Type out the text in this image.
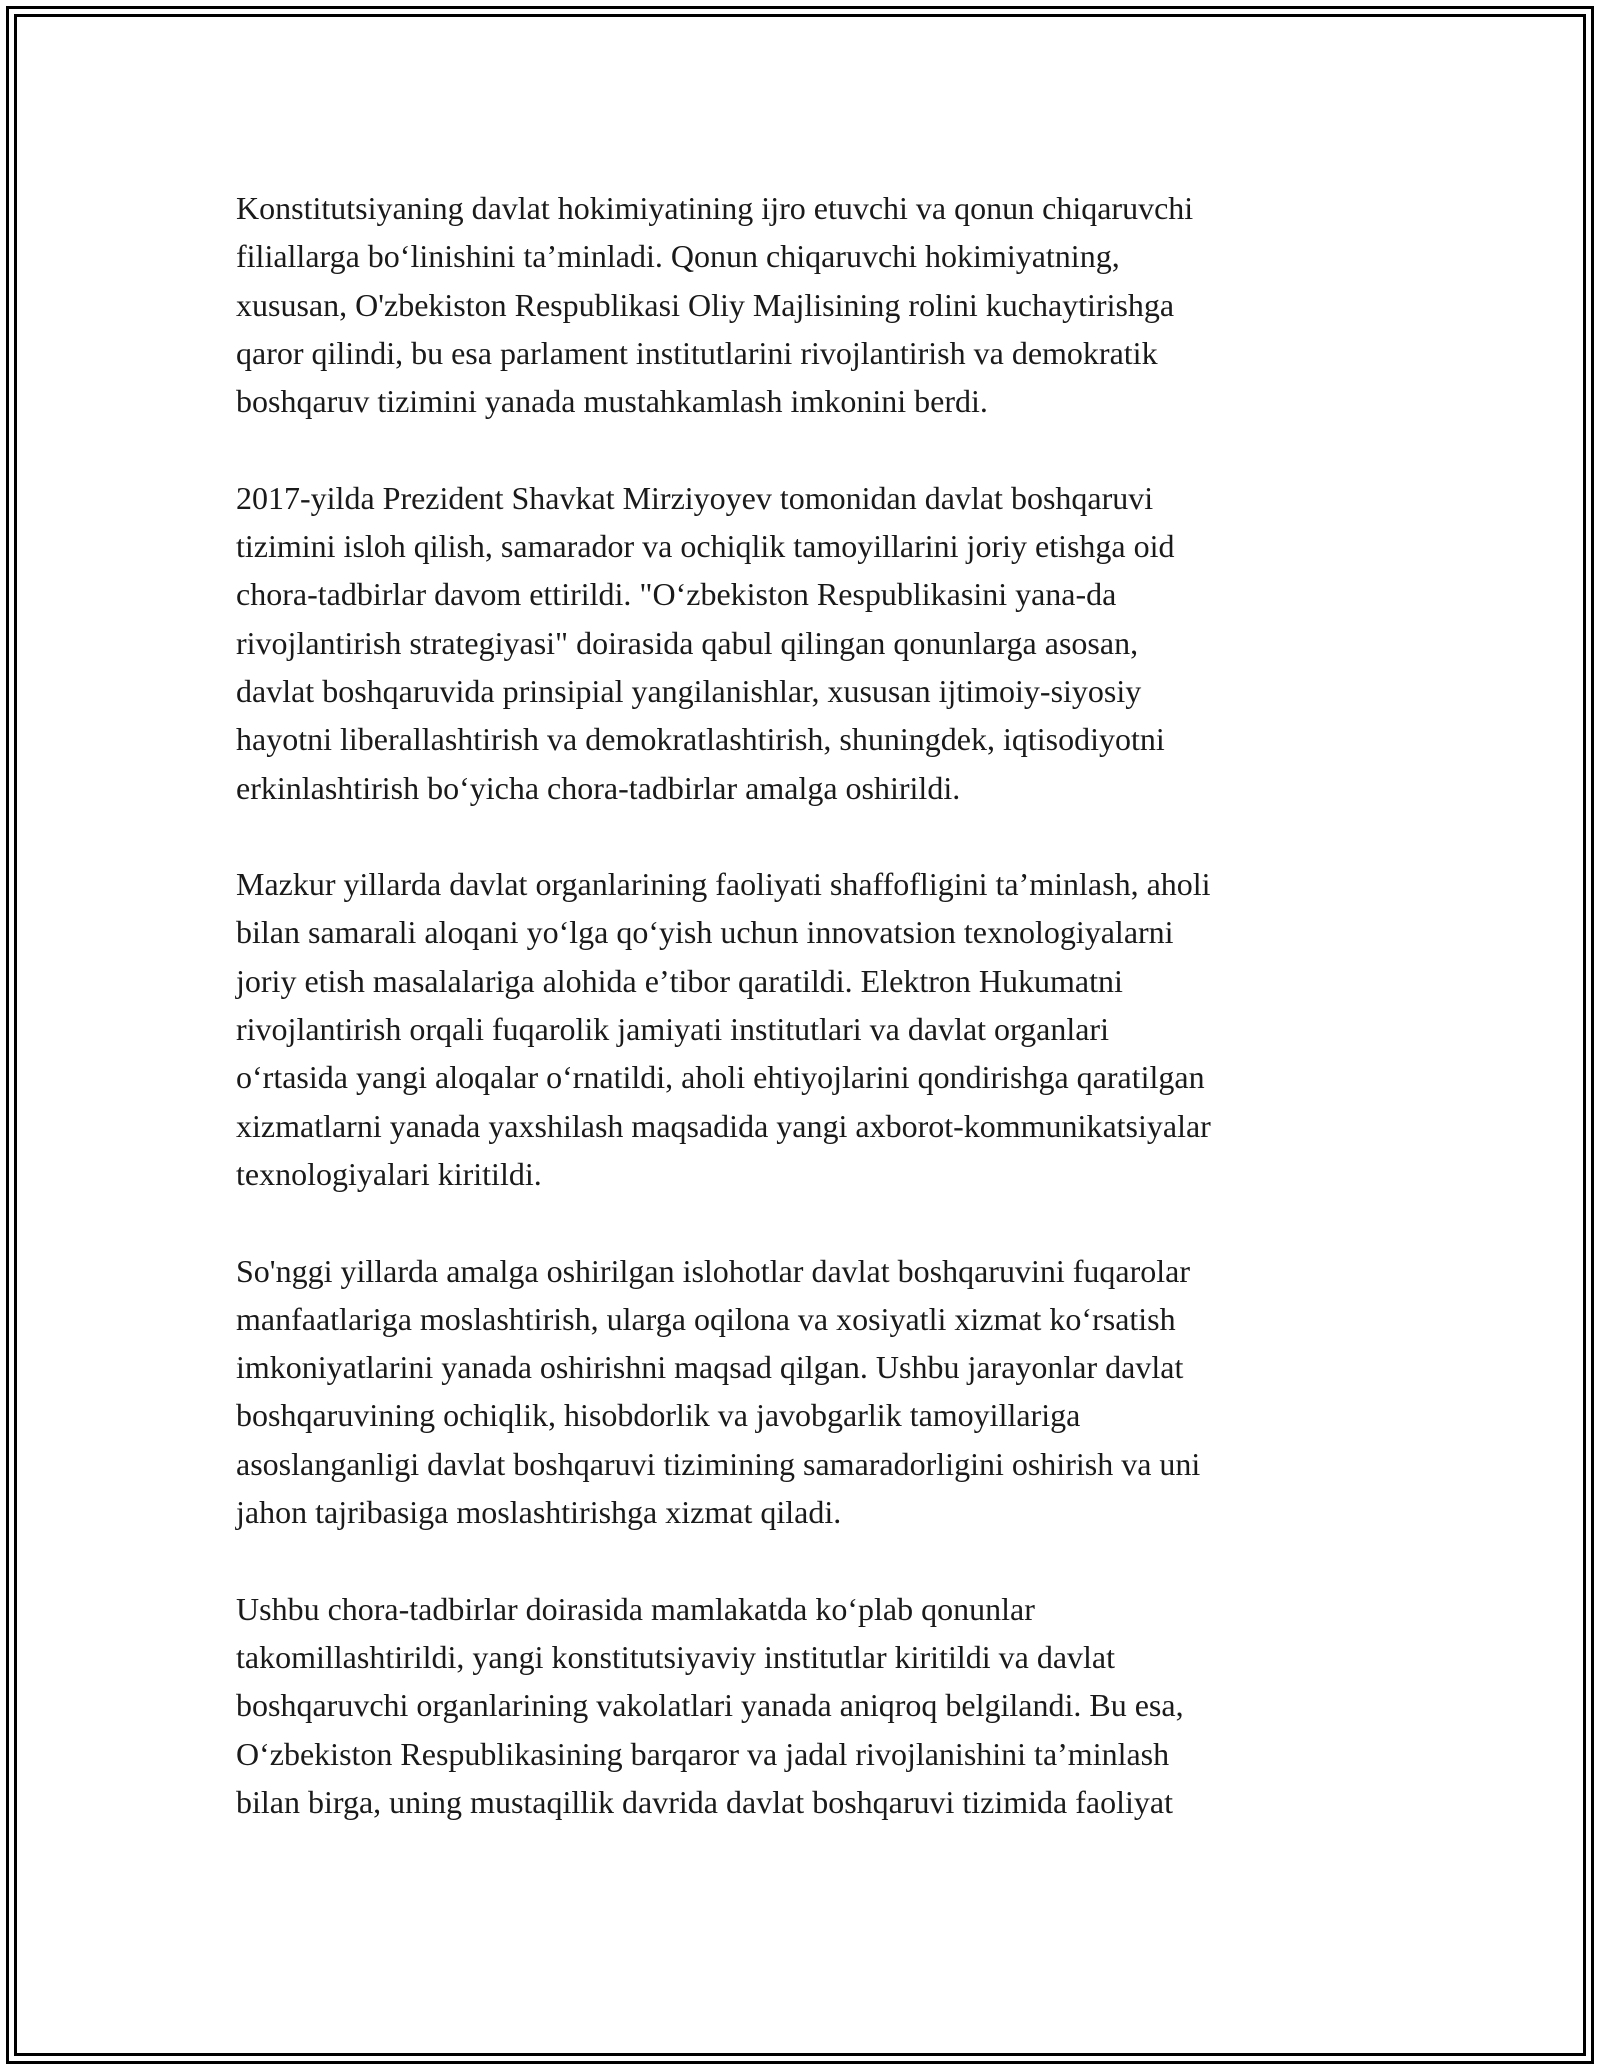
Konstitutsiyaning davlat hokimiyatining ijro etuvchi va qonun chiqaruvchi
filiallarga boʻlinishini taʼminladi. Qonun chiqaruvchi hokimiyatning,
xususan, O'zbekiston Respublikasi Oliy Majlisining rolini kuchaytirishga
qaror qilindi, bu esa parlament institutlarini rivojlantirish va demokratik
boshqaruv tizimini yanada mustahkamlash imkonini berdi.

2017-yilda Prezident Shavkat Mirziyoyev tomonidan davlat boshqaruvi
tizimini isloh qilish, samarador va ochiqlik tamoyillarini joriy etishga oid
chora-tadbirlar davom ettirildi. "Oʻzbekiston Respublikasini yana-da
rivojlantirish strategiyasi" doirasida qabul qilingan qonunlarga asosan,
davlat boshqaruvida prinsipial yangilanishlar, xususan ijtimoiy-siyosiy
hayotni liberallashtirish va demokratlashtirish, shuningdek, iqtisodiyotni
erkinlashtirish boʻyicha chora-tadbirlar amalga oshirildi.

Mazkur yillarda davlat organlarining faoliyati shaffofligini taʼminlash, aholi
bilan samarali aloqani yoʻlga qoʻyish uchun innovatsion texnologiyalarni
joriy etish masalalariga alohida eʼtibor qaratildi. Elektron Hukumatni
rivojlantirish orqali fuqarolik jamiyati institutlari va davlat organlari
oʻrtasida yangi aloqalar oʻrnatildi, aholi ehtiyojlarini qondirishga qaratilgan
xizmatlarni yanada yaxshilash maqsadida yangi axborot-kommunikatsiyalar
texnologiyalari kiritildi.

So'nggi yillarda amalga oshirilgan islohotlar davlat boshqaruvini fuqarolar
manfaatlariga moslashtirish, ularga oqilona va xosiyatli xizmat koʻrsatish
imkoniyatlarini yanada oshirishni maqsad qilgan. Ushbu jarayonlar davlat
boshqaruvining ochiqlik, hisobdorlik va javobgarlik tamoyillariga
asoslanganligi davlat boshqaruvi tizimining samaradorligini oshirish va uni
jahon tajribasiga moslashtirishga xizmat qiladi.

Ushbu chora-tadbirlar doirasida mamlakatda koʻplab qonunlar
takomillashtirildi, yangi konstitutsiyaviy institutlar kiritildi va davlat
boshqaruvchi organlarining vakolatlari yanada aniqroq belgilandi. Bu esa,
Oʻzbekiston Respublikasining barqaror va jadal rivojlanishini taʼminlash
bilan birga, uning mustaqillik davrida davlat boshqaruvi tizimida faoliyat
